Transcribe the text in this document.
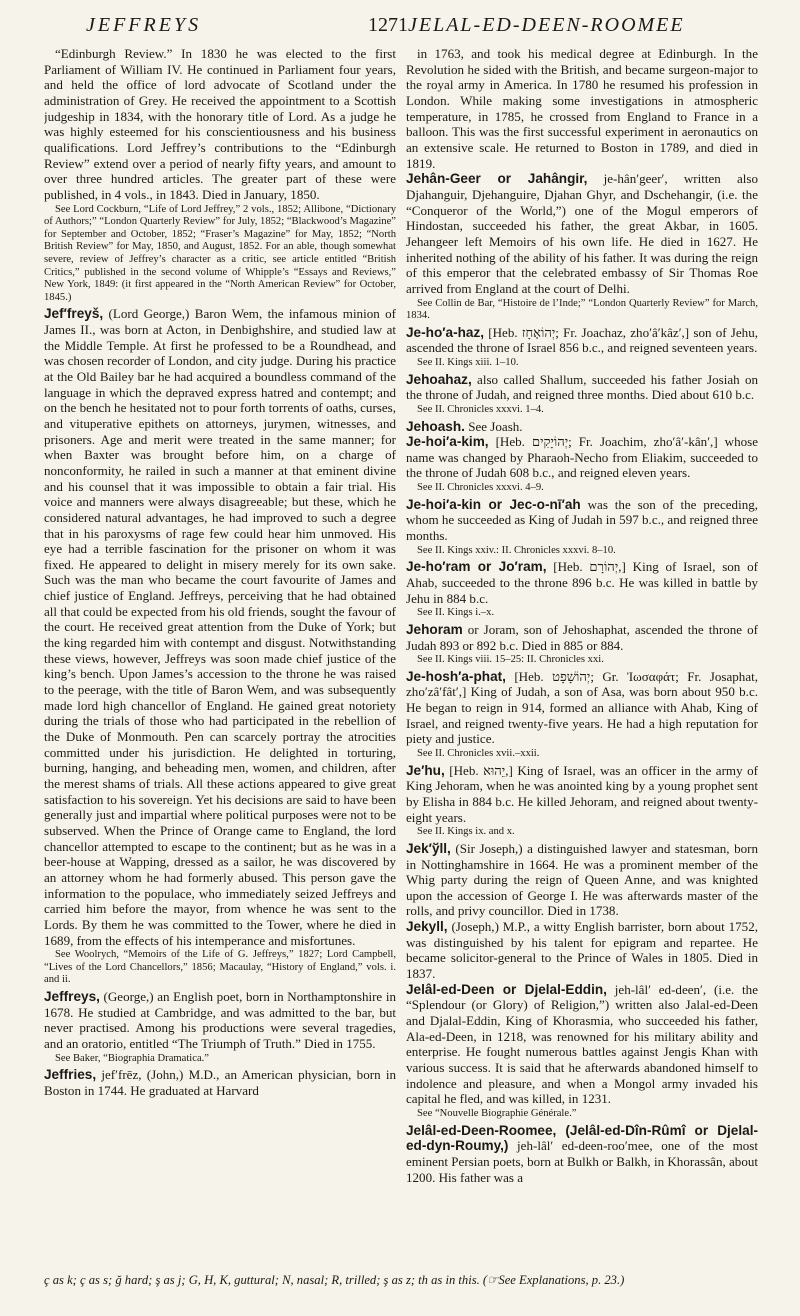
JEFFREYS	1271 JELAL-ED-DEEN-ROOMEE

“Edinburgh Review.” In 1830 he was elected to the first Parliament of William IV. He continued in Parliament four years, and held the office of lord advocate of Scotland under the administration of Grey. He received the appointment to a Scottish judgeship in 1834, with the honorary title of Lord. As a judge he was highly esteemed for his conscientiousness and his business qualifications. Lord Jeffrey’s contributions to the “Edinburgh Review” extend over a period of nearly fifty years, and amount to over three hundred articles. The greater part of these were published, in 4 vols., in 1843. Died in January, 1850.

See Lord Cockburn, “Life of Lord Jeffrey,” 2 vols., 1852; Allibone, “Dictionary of Authors;” “London Quarterly Review” for July, 1852; “Blackwood’s Magazine” for September and October, 1852; “Fraser’s Magazine” for May, 1852; “North British Review” for May, 1850, and August, 1852. For an able, though somewhat severe, review of Jeffrey’s character as a critic, see article entitled “British Critics,” published in the second volume of Whipple’s “Essays and Reviews,” New York, 1849: (it first appeared in the “North American Review” for October, 1845.)

Jef′freyš, (Lord George,) Baron Wem, the infamous minion of James II., was born at Acton, in Denbighshire, and studied law at the Middle Temple. At first he professed to be a Roundhead, and was chosen recorder of London, and city judge. During his practice at the Old Bailey bar he had acquired a boundless command of the language in which the depraved express hatred and contempt; and on the bench he hesitated not to pour forth torrents of oaths, curses, and vituperative epithets on attorneys, jurymen, witnesses, and prisoners. Age and merit were treated in the same manner; for when Baxter was brought before him, on a charge of nonconformity, he railed in such a manner at that eminent divine and his counsel that it was impossible to obtain a fair trial. His voice and manners were always disagreeable; but these, which he considered natural advantages, he had improved to such a degree that in his paroxysms of rage few could hear him unmoved. His eye had a terrible fascination for the prisoner on whom it was fixed. He appeared to delight in misery merely for its own sake. Such was the man who became the court favourite of James and chief justice of England. Jeffreys, perceiving that he had obtained all that could be expected from his old friends, sought the favour of the court. He received great attention from the Duke of York; but the king regarded him with contempt and disgust. Notwithstanding these views, however, Jeffreys was soon made chief justice of the king’s bench. Upon James’s accession to the throne he was raised to the peerage, with the title of Baron Wem, and was subsequently made lord high chancellor of England. He gained great notoriety during the trials of those who had participated in the rebellion of the Duke of Monmouth. Pen can scarcely portray the atrocities committed under his jurisdiction. He delighted in torturing, burning, hanging, and beheading men, women, and children, after the merest shams of trials. All these actions appeared to give great satisfaction to his sovereign. Yet his decisions are said to have been generally just and impartial where political purposes were not to be subserved. When the Prince of Orange came to England, the lord chancellor attempted to escape to the continent; but as he was in a beer-house at Wapping, dressed as a sailor, he was discovered by an attorney whom he had formerly abused. This person gave the information to the populace, who immediately seized Jeffreys and carried him before the mayor, from whence he was sent to the Lords. By them he was committed to the Tower, where he died in 1689, from the effects of his intemperance and misfortunes.

See Woolrych, “Memoirs of the Life of G. Jeffreys,” 1827; Lord Campbell, “Lives of the Lord Chancellors,” 1856; Macaulay, “History of England,” vols. i. and ii.

Jeffreys, (George,) an English poet, born in Northamptonshire in 1678. He studied at Cambridge, and was admitted to the bar, but never practised. Among his productions were several tragedies, and an oratorio, entitled “The Triumph of Truth.” Died in 1755.

See Baker, “Biographia Dramatica.”

Jeffries, jef′frēz, (John,) M.D., an American physician, born in Boston in 1744. He graduated at Harvard

in 1763, and took his medical degree at Edinburgh. In the Revolution he sided with the British, and became surgeon-major to the royal army in America. In 1780 he resumed his profession in London. While making some investigations in atmospheric temperature, in 1785, he crossed from England to France in a balloon. This was the first successful experiment in aeronautics on an extensive scale. He returned to Boston in 1789, and died in 1819.

Jehân-Geer or Jahângir, je-hân′geer′, written also Djahanguir, Djehanguire, Djahan Ghyr, and Dschehangir, (i.e. the “Conqueror of the World,”) one of the Mogul emperors of Hindostan, succeeded his father, the great Akbar, in 1605. Jehangeer left Memoirs of his own life. He died in 1627. He inherited nothing of the ability of his father. It was during the reign of this emperor that the celebrated embassy of Sir Thomas Roe arrived from England at the court of Delhi.

See Collin de Bar, “Histoire de l’Inde;” “London Quarterly Review” for March, 1834.

Je-ho′a-haz, [Heb. יְהוֹאָחָז; Fr. Joachaz, zho′â′kâz′,] son of Jehu, ascended the throne of Israel 856 b.c., and reigned seventeen years.

See II. Kings xiii. 1–10.

Jehoahaz, also called Shallum, succeeded his father Josiah on the throne of Judah, and reigned three months. Died about 610 b.c.

See II. Chronicles xxxvi. 1–4.

Jehoash. See Joash.

Je-hoi′a-kim, [Heb. יְהוֹיָקִים; Fr. Joachim, zho′â′-kân′,] whose name was changed by Pharaoh-Necho from Eliakim, succeeded to the throne of Judah 608 b.c., and reigned eleven years.

See II. Chronicles xxxvi. 4–9.

Je-hoi′a-kin or Jec-o-nī′ah was the son of the preceding, whom he succeeded as King of Judah in 597 b.c., and reigned three months.

See II. Kings xxiv.: II. Chronicles xxxvi. 8–10.

Je-ho′ram or Jo′ram, [Heb. יְהוֹרָם,] King of Israel, son of Ahab, succeeded to the throne 896 b.c. He was killed in battle by Jehu in 884 b.c.

See II. Kings i.–x.

Jehoram or Joram, son of Jehoshaphat, ascended the throne of Judah 893 or 892 b.c. Died in 885 or 884.

See II. Kings viii. 15–25: II. Chronicles xxi.

Je-hosh′a-phat, [Heb. יְהוֹשָׁפָט; Gr. Ἰωσαφάτ; Fr. Josaphat, zho′zâ′fât′,] King of Judah, a son of Asa, was born about 950 b.c. He began to reign in 914, formed an alliance with Ahab, King of Israel, and reigned twenty-five years. He had a high reputation for piety and justice.

See II. Chronicles xvii.–xxii.

Je′hu, [Heb. יֵהוּא,] King of Israel, was an officer in the army of King Jehoram, when he was anointed king by a young prophet sent by Elisha in 884 b.c. He killed Jehoram, and reigned about twenty-eight years.

See II. Kings ix. and x.

Jek′ўll, (Sir Joseph,) a distinguished lawyer and statesman, born in Nottinghamshire in 1664. He was a prominent member of the Whig party during the reign of Queen Anne, and was knighted upon the accession of George I. He was afterwards master of the rolls, and privy councillor. Died in 1738.

Jekyll, (Joseph,) M.P., a witty English barrister, born about 1752, was distinguished by his talent for epigram and repartee. He became solicitor-general to the Prince of Wales in 1805. Died in 1837.

Jelâl-ed-Deen or Djelal-Eddin, jeh-lâl′ ed-deen′, (i.e. the “Splendour (or Glory) of Religion,”) written also Jalal-ed-Deen and Djalal-Eddin, King of Khorasmia, who succeeded his father, Ala-ed-Deen, in 1218, was renowned for his military ability and enterprise. He fought numerous battles against Jengis Khan with various success. It is said that he afterwards abandoned himself to indolence and pleasure, and when a Mongol army invaded his capital he fled, and was killed, in 1231.

See “Nouvelle Biographie Générale.”

Jelâl-ed-Deen-Roomee, (Jelâl-ed-Dîn-Rûmî or Djelal-ed-dyn-Roumy,) jeh-lâl′ ed-deen-roo′mee, one of the most eminent Persian poets, born at Bulkh or Balkh, in Khorassân, about 1200. His father was a

ç as k; ç as s; ğ hard; ş as j; G, H, K, guttural; N, nasal; R, trilled; ş as z; th as in this. (☞See Explanations, p. 23.)
